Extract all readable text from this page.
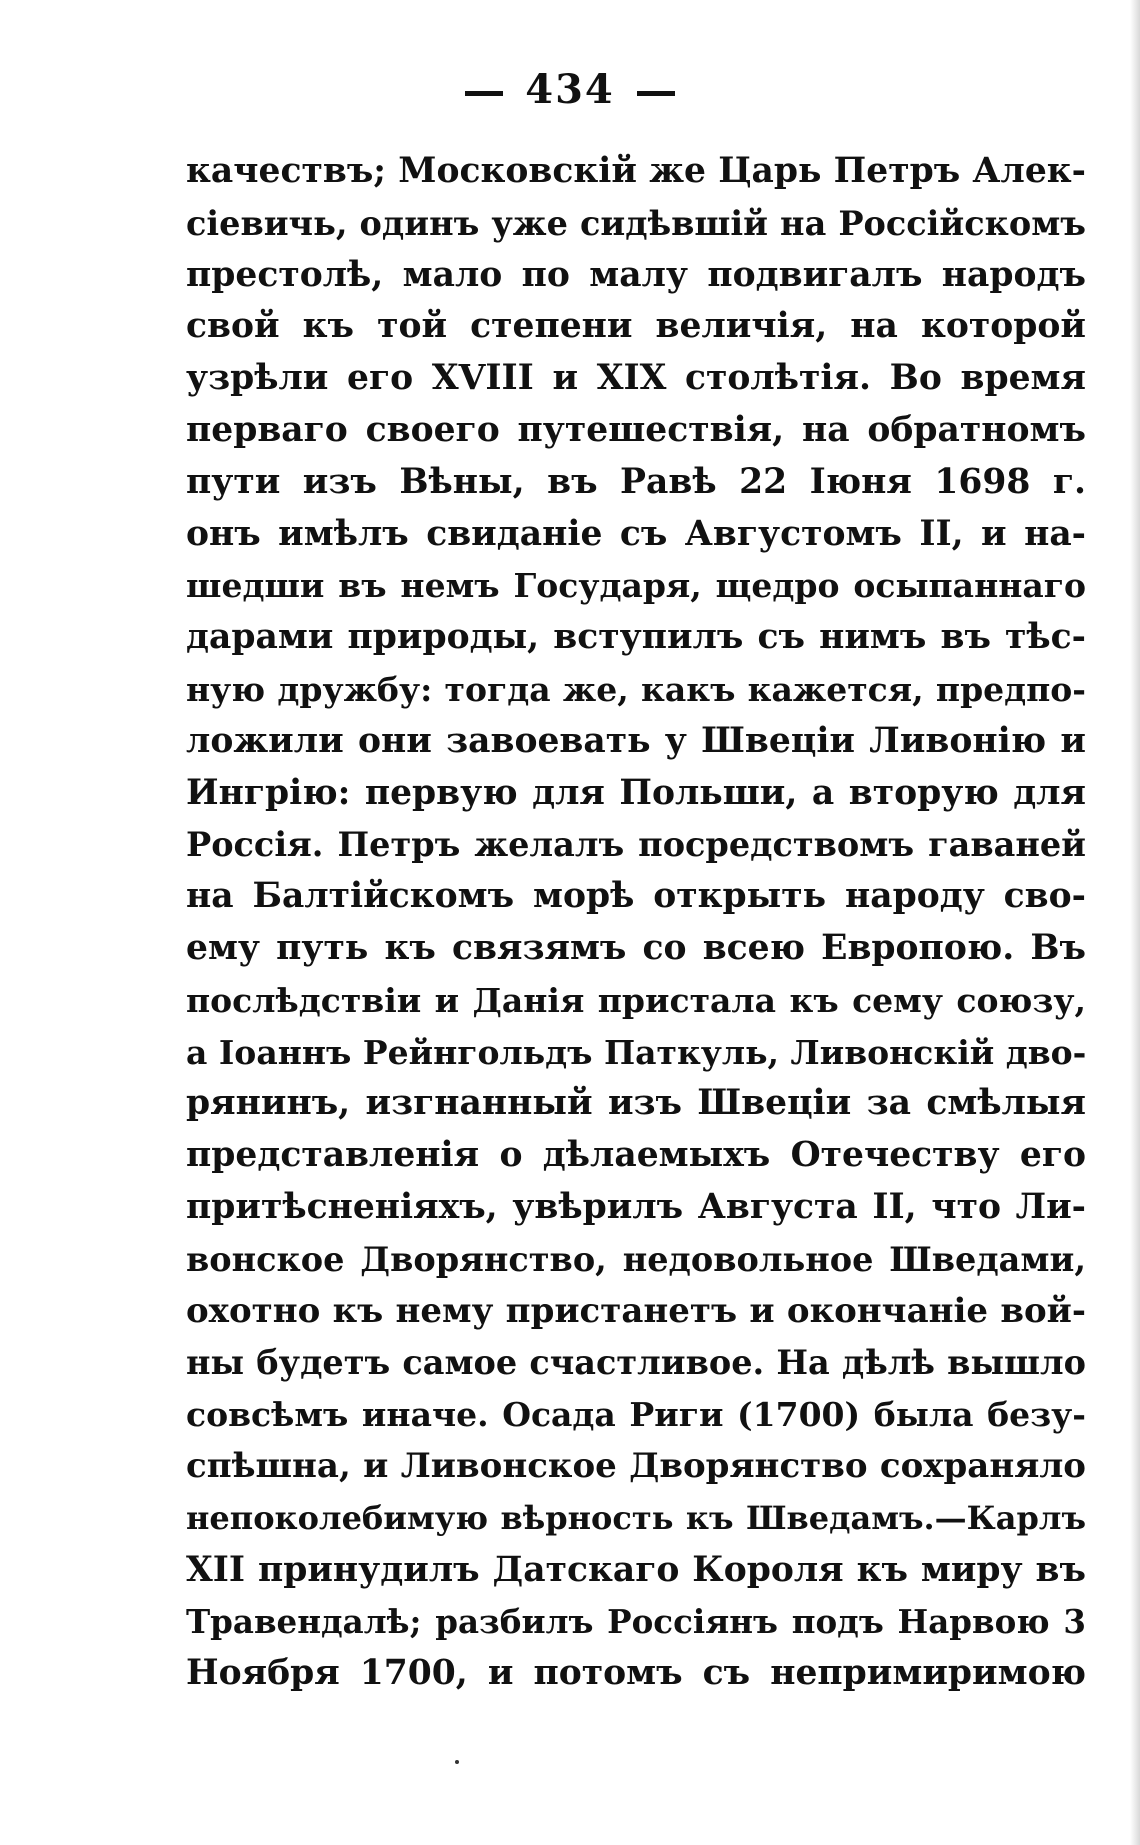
434
качествъ; Московскій же Царь Петръ Алек-
сіевичь, одинъ уже сидѣвшій на Россійскомъ
престолѣ, мало по малу подвигалъ народъ
свой къ той степени величія, на которой
узрѣли его XVIII и XIX столѣтія. Во время
перваго своего путешествія, на обратномъ
пути изъ Вѣны, въ Равѣ 22 Іюня 1698 г.
онъ имѣлъ свиданіе съ Августомъ II, и на-
шедши въ немъ Государя, щедро осыпаннаго
дарами природы, вступилъ съ нимъ въ тѣс-
ную дружбу: тогда же, какъ кажется, предпо-
ложили они завоевать у Швеціи Ливонію и
Ингрію: первую для Польши, а вторую для
Россія. Петръ желалъ посредствомъ гаваней
на Балтійскомъ морѣ открыть народу сво-
ему путь къ связямъ со всею Европою. Въ
послѣдствіи и Данія пристала къ сему союзу,
а Іоаннъ Рейнгольдъ Паткуль, Ливонскій дво-
рянинъ, изгнанный изъ Швеціи за смѣлыя
представленія о дѣлаемыхъ Отечеству его
притѣсненіяхъ, увѣрилъ Августа II, что Ли-
вонское Дворянство, недовольное Шведами,
охотно къ нему пристанетъ и окончаніе вой-
ны будетъ самое счастливое. На дѣлѣ вышло
совсѣмъ иначе. Осада Риги (1700) была безу-
спѣшна, и Ливонское Дворянство сохраняло
непоколебимую вѣрность къ Шведамъ.—Карлъ
XII принудилъ Датскаго Короля къ миру въ
Травендалѣ; разбилъ Россіянъ подъ Нарвою 3
Ноября 1700, и потомъ съ непримиримою
